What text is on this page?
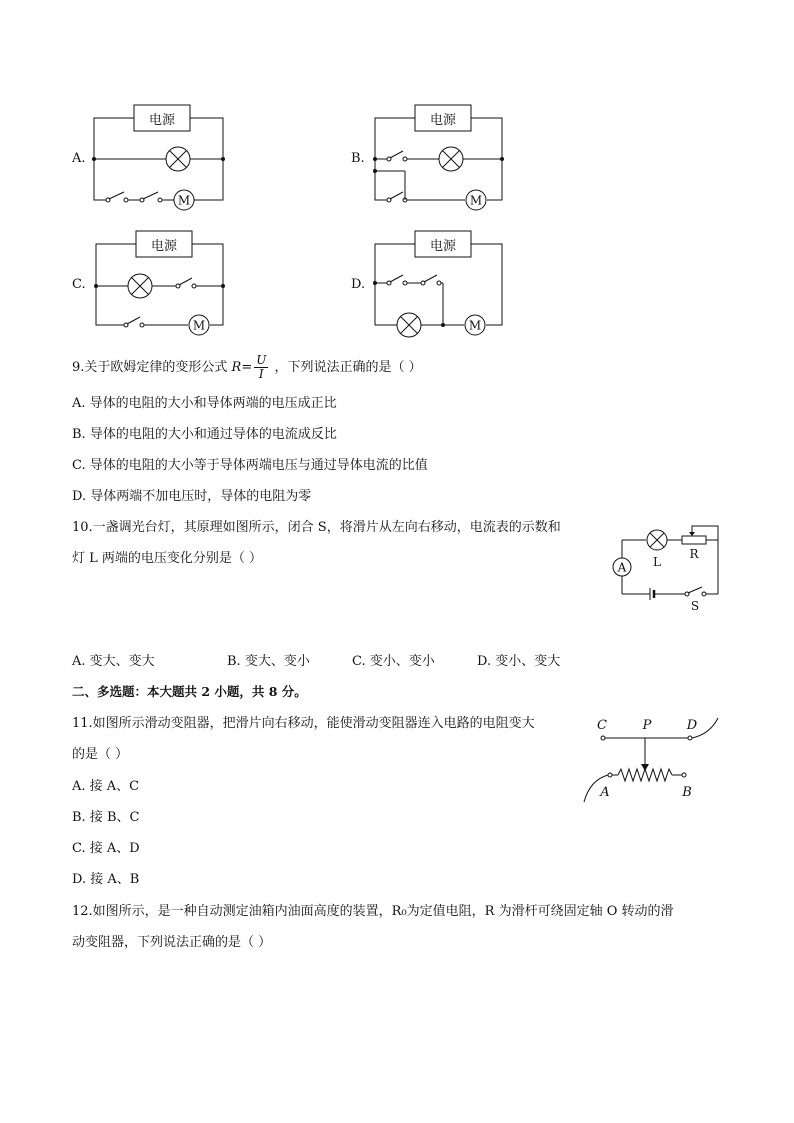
A.
电源
M
B.
电源
M
C.
电源
M
D.
电源
M
9.关于欧姆定律的变形公式 $R= \frac{U}{I}$ ，下列说法正确的是（ ）
A. 导体的电阻的大小和导体两端的电压成正比
B. 导体的电阻的大小和通过导体的电流成反比
C. 导体的电阻的大小等于导体两端电压与通过导体电流的比值
D. 导体两端不加电压时，导体的电阻为零
10.一盏调光台灯，其原理如图所示，闭合 S，将滑片从左向右移动，电流表的示数和
灯 L 两端的电压变化分别是（ ）
A L
R
S
A. 变大、变大	B. 变大、变小	C. 变小、变小	D. 变小、变大
二、多选题：本大题共 2 小题，共 8 分。
11.如图所示滑动变阻器，把滑片向右移动，能使滑动变阻器连入电路的电阻变大
的是（ ）
C	P	D
A	B
A. 接 A、C
B. 接 B、C
C. 接 A、D
D. 接 A、B
12.如图所示，是一种自动测定油箱内油面高度的装置，R₀为定值电阻，R 为滑杆可绕固定轴 O 转动的滑
动变阻器，下列说法正确的是（ ）
